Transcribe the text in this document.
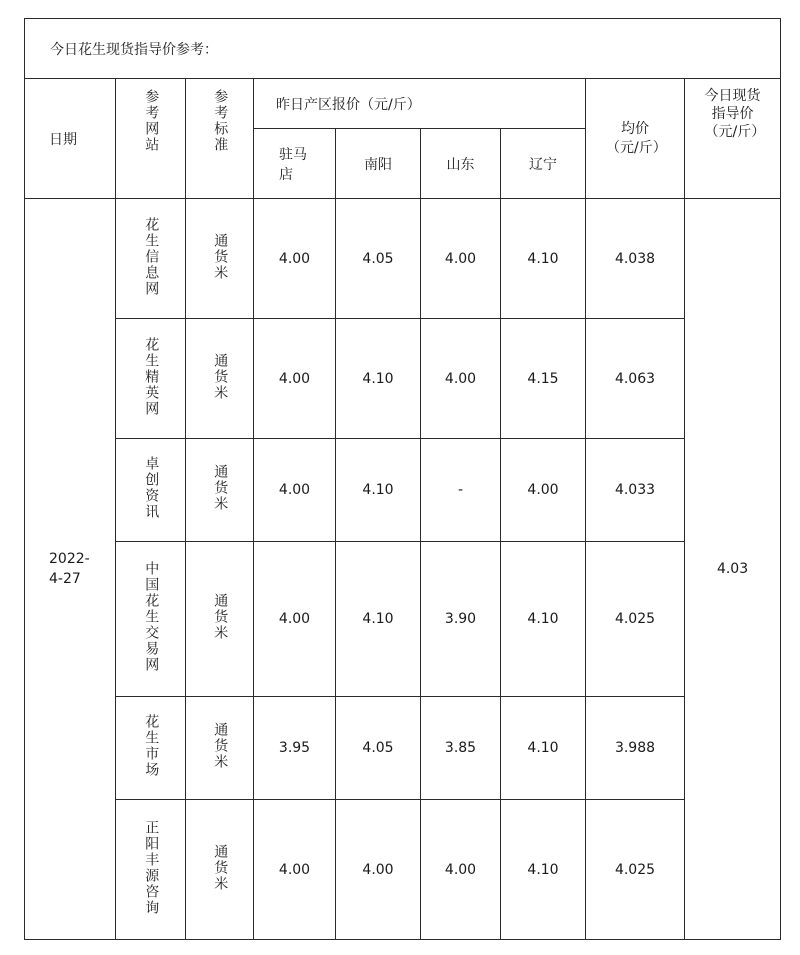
今日花生现货指导价参考：								
日期	参考网站	参考标准	昨日产区报价（元/斤）				均价（元/斤）	今日现货指导价（元/斤）

			驻马店	南阳	山东	辽宁		

2022-4-27	花生信息网	通货米	4.00	4.05	4.00	4.10	4.038	4.03
	花生精英网	通货米	4.00	4.10	4.00	4.15	4.063	
	卓创资讯	通货米	4.00	4.10	-	4.00	4.033	
	中国花生交易网	通货米	4.00	4.10	3.90	4.10	4.025	
	花生市场	通货米	3.95	4.05	3.85	4.10	3.988	
	正阳丰源咨询	通货米	4.00	4.00	4.00	4.10	4.025	
